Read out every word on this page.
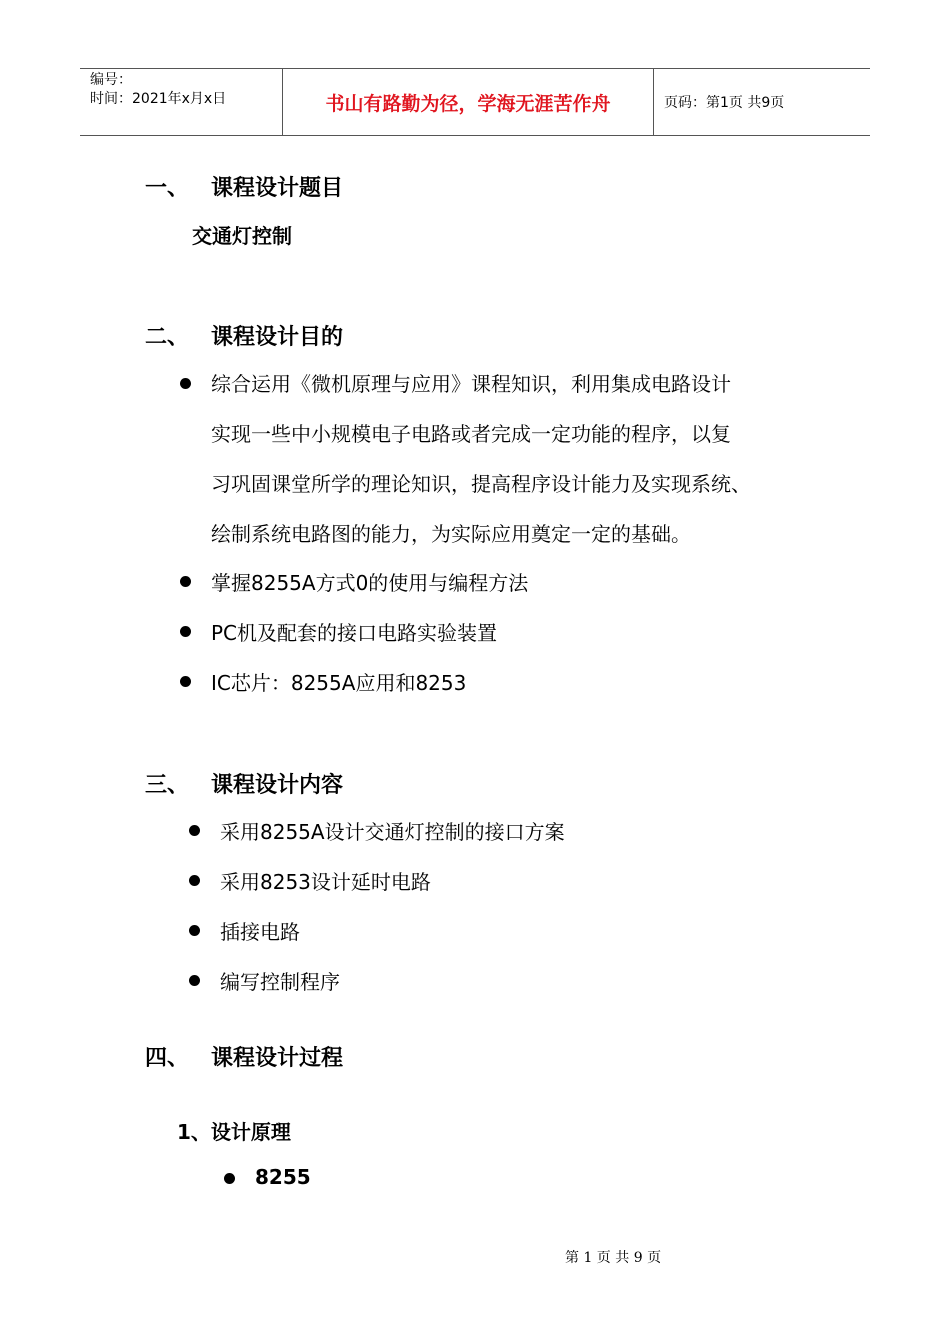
编号：
时间：2021年x月x日	书山有路勤为径，学海无涯苦作舟	页码：第1页 共9页
一、 课程设计题目
交通灯控制
二、 课程设计目的
综合运用《微机原理与应用》课程知识，利用集成电路设计
实现一些中小规模电子电路或者完成一定功能的程序，以复
习巩固课堂所学的理论知识，提高程序设计能力及实现系统、
绘制系统电路图的能力，为实际应用奠定一定的基础。
掌握8255A方式0的使用与编程方法
PC机及配套的接口电路实验装置
IC芯片：8255A应用和8253
三、 课程设计内容
采用8255A设计交通灯控制的接口方案
采用8253设计延时电路
插接电路
编写控制程序
四、 课程设计过程
1、设计原理
8255
第 1 页 共 9 页
